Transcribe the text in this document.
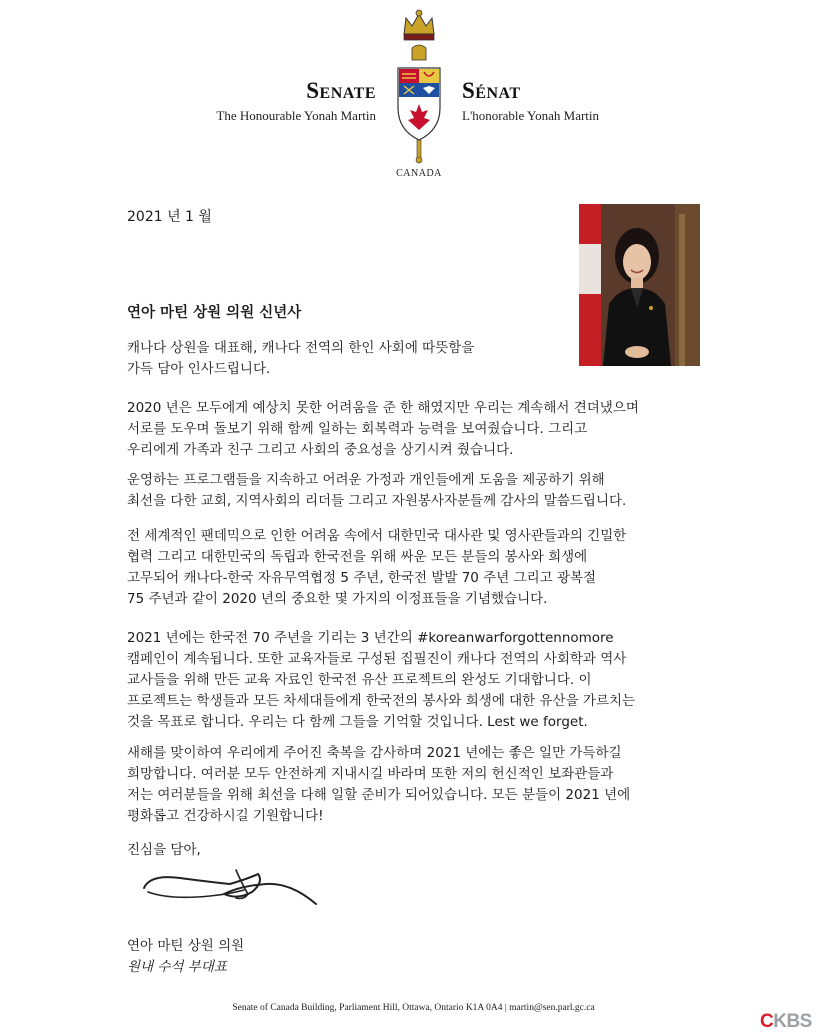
Senate
The Honourable Yonah Martin
CANADA
Sénat
L'honorable Yonah Martin
2021 년 1 월
연아 마틴 상원 의원 신년사
캐나다 상원을 대표해, 캐나다 전역의 한인 사회에 따뜻함을
가득 담아 인사드립니다.
2020 년은 모두에게 예상치 못한 어려움을 준 한 해였지만 우리는 계속해서 견뎌냈으며
서로를 도우며 돌보기 위해 함께 일하는 회복력과 능력을 보여줬습니다. 그리고
우리에게 가족과 친구 그리고 사회의 중요성을 상기시켜 줬습니다.
운영하는 프로그램들을 지속하고 어려운 가정과 개인들에게 도움을 제공하기 위해
최선을 다한 교회, 지역사회의 리더들 그리고 자원봉사자분들께 감사의 말씀드립니다.
전 세계적인 팬데믹으로 인한 어려움 속에서 대한민국 대사관 및 영사관들과의 긴밀한
협력 그리고 대한민국의 독립과 한국전을 위해 싸운 모든 분들의 봉사와 희생에
고무되어 캐나다-한국 자유무역협정 5 주년, 한국전 발발 70 주년 그리고 광복절
75 주년과 같이 2020 년의 중요한 몇 가지의 이정표들을 기념했습니다.
2021 년에는 한국전 70 주년을 기리는 3 년간의 #koreanwarforgottennomore
캠페인이 계속됩니다. 또한 교육자들로 구성된 집필진이 캐나다 전역의 사회학과 역사
교사들을 위해 만든 교육 자료인 한국전 유산 프로젝트의 완성도 기대합니다. 이
프로젝트는 학생들과 모든 차세대들에게 한국전의 봉사와 희생에 대한 유산을 가르치는
것을 목표로 합니다. 우리는 다 함께 그들을 기억할 것입니다. Lest we forget.
새해를 맞이하여 우리에게 주어진 축복을 감사하며 2021 년에는 좋은 일만 가득하길
희망합니다. 여러분 모두 안전하게 지내시길 바라며 또한 저의 헌신적인 보좌관들과
저는 여러분들을 위해 최선을 다해 일할 준비가 되어있습니다. 모든 분들이 2021 년에
평화롭고 건강하시길 기원합니다!
진심을 담아,
연아 마틴 상원 의원
원내 수석 부대표
Senate of Canada Building, Parliament Hill, Ottawa, Ontario K1A 0A4 | martin@sen.parl.gc.ca
CKBS
